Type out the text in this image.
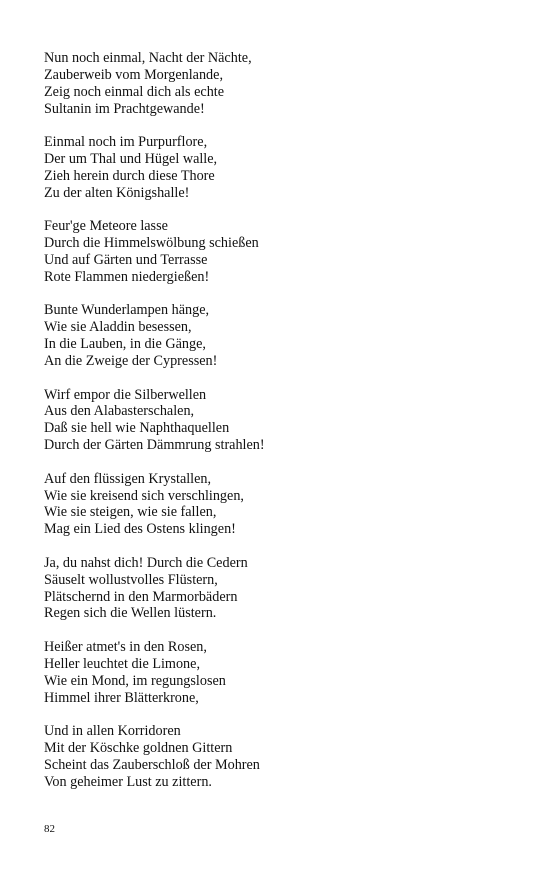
Nun noch einmal, Nacht der Nächte,
Zauberweib vom Morgenlande,
Zeig noch einmal dich als echte
Sultanin im Prachtgewande!
Einmal noch im Purpurflore,
Der um Thal und Hügel walle,
Zieh herein durch diese Thore
Zu der alten Königshalle!
Feur'ge Meteore lasse
Durch die Himmelswölbung schießen
Und auf Gärten und Terrasse
Rote Flammen niedergießen!
Bunte Wunderlampen hänge,
Wie sie Aladdin besessen,
In die Lauben, in die Gänge,
An die Zweige der Cypressen!
Wirf empor die Silberwellen
Aus den Alabasterschalen,
Daß sie hell wie Naphthaquellen
Durch der Gärten Dämmrung strahlen!
Auf den flüssigen Krystallen,
Wie sie kreisend sich verschlingen,
Wie sie steigen, wie sie fallen,
Mag ein Lied des Ostens klingen!
Ja, du nahst dich! Durch die Cedern
Säuselt wollustvolles Flüstern,
Plätschernd in den Marmorbädern
Regen sich die Wellen lüstern.
Heißer atmet's in den Rosen,
Heller leuchtet die Limone,
Wie ein Mond, im regungslosen
Himmel ihrer Blätterkrone,
Und in allen Korridoren
Mit der Köschke goldnen Gittern
Scheint das Zauberschloß der Mohren
Von geheimer Lust zu zittern.
82
